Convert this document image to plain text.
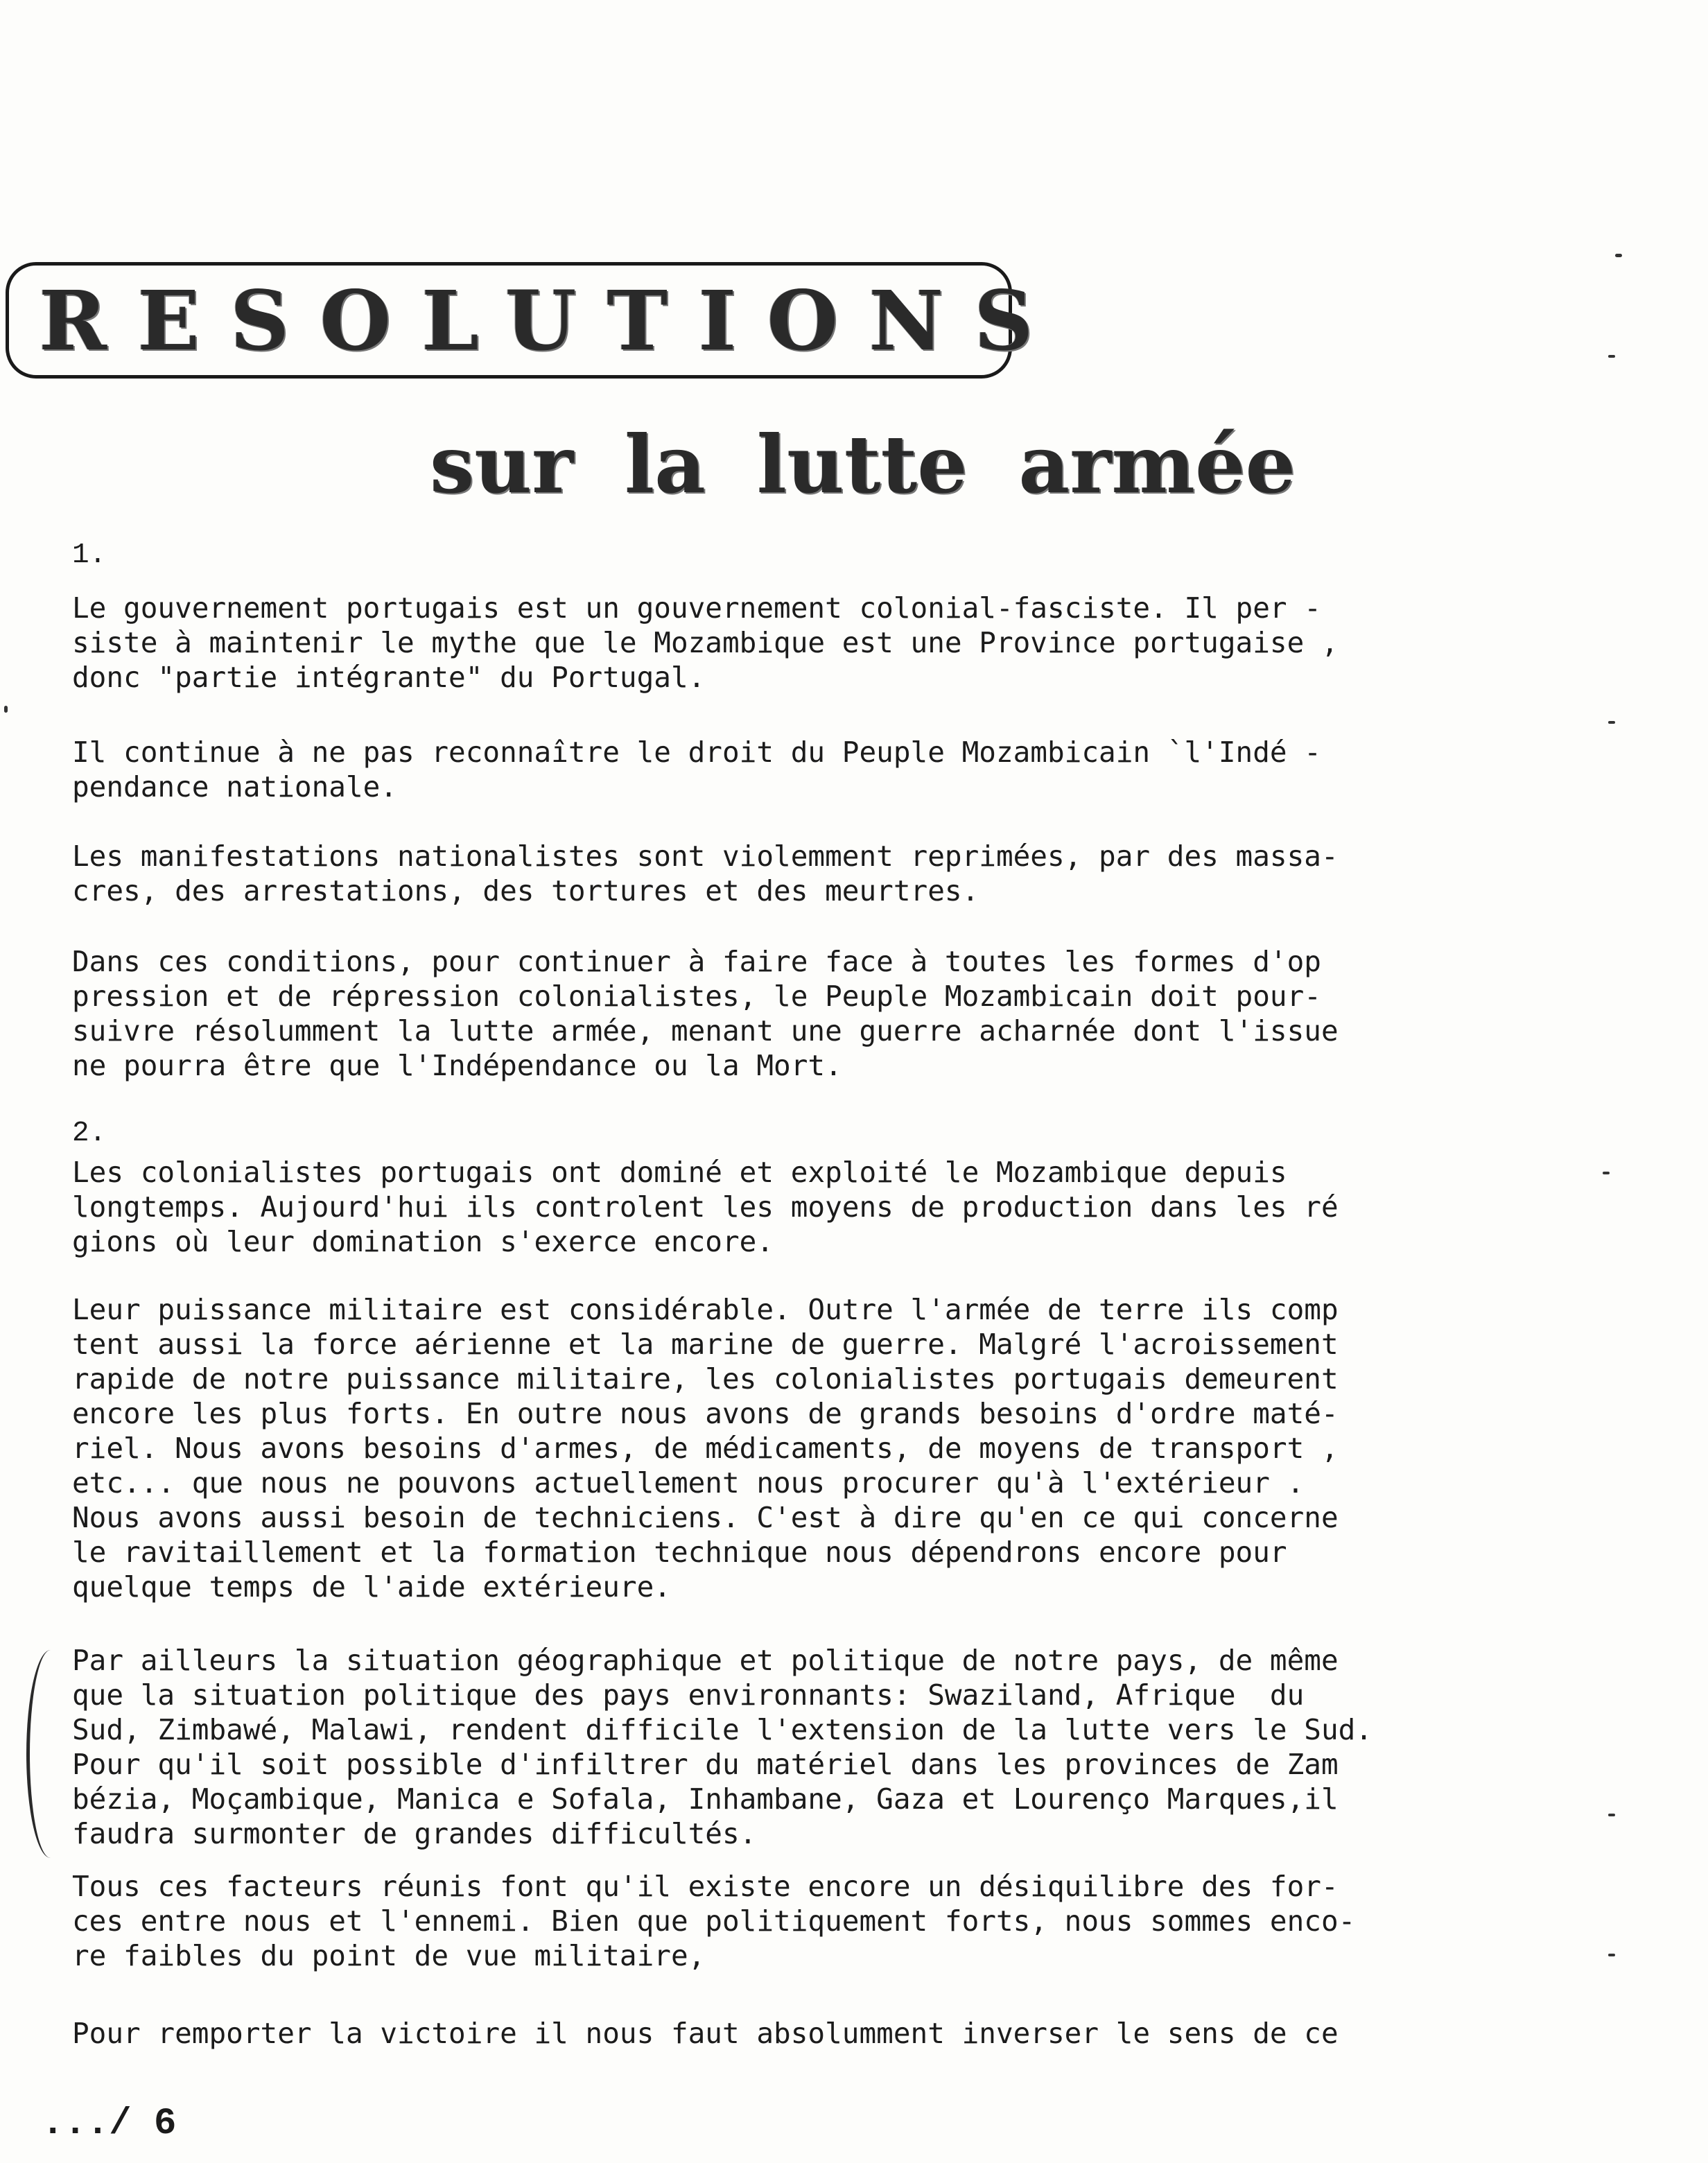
RESOLUTIONS
sur la lutte armée
1.
Le gouvernement portugais est un gouvernement colonial-fasciste. Il per -
siste à maintenir le mythe que le Mozambique est une Province portugaise ,
donc "partie intégrante" du Portugal.
Il continue à ne pas reconnaître le droit du Peuple Mozambicain `l'Indé -
pendance nationale.
Les manifestations nationalistes sont violemment reprimées, par des massa-
cres, des arrestations, des tortures et des meurtres.
Dans ces conditions, pour continuer à faire face à toutes les formes d'op
pression et de répression colonialistes, le Peuple Mozambicain doit pour-
suivre résolumment la lutte armée, menant une guerre acharnée dont l'issue
ne pourra être que l'Indépendance ou la Mort.
2.
Les colonialistes portugais ont dominé et exploité le Mozambique depuis
longtemps. Aujourd'hui ils controlent les moyens de production dans les ré
gions où leur domination s'exerce encore.
Leur puissance militaire est considérable. Outre l'armée de terre ils comp
tent aussi la force aérienne et la marine de guerre. Malgré l'acroissement
rapide de notre puissance militaire, les colonialistes portugais demeurent
encore les plus forts. En outre nous avons de grands besoins d'ordre maté-
riel. Nous avons besoins d'armes, de médicaments, de moyens de transport ,
etc... que nous ne pouvons actuellement nous procurer qu'à l'extérieur .
Nous avons aussi besoin de techniciens. C'est à dire qu'en ce qui concerne
le ravitaillement et la formation technique nous dépendrons encore pour
quelque temps de l'aide extérieure.
Par ailleurs la situation géographique et politique de notre pays, de même
que la situation politique des pays environnants: Swaziland, Afrique  du
Sud, Zimbawé, Malawi, rendent difficile l'extension de la lutte vers le Sud.
Pour qu'il soit possible d'infiltrer du matériel dans les provinces de Zam
bézia, Moçambique, Manica e Sofala, Inhambane, Gaza et Lourenço Marques,il
faudra surmonter de grandes difficultés.
Tous ces facteurs réunis font qu'il existe encore un désiquilibre des for-
ces entre nous et l'ennemi. Bien que politiquement forts, nous sommes enco-
re faibles du point de vue militaire,
Pour remporter la victoire il nous faut absolumment inverser le sens de ce
.../ 6
